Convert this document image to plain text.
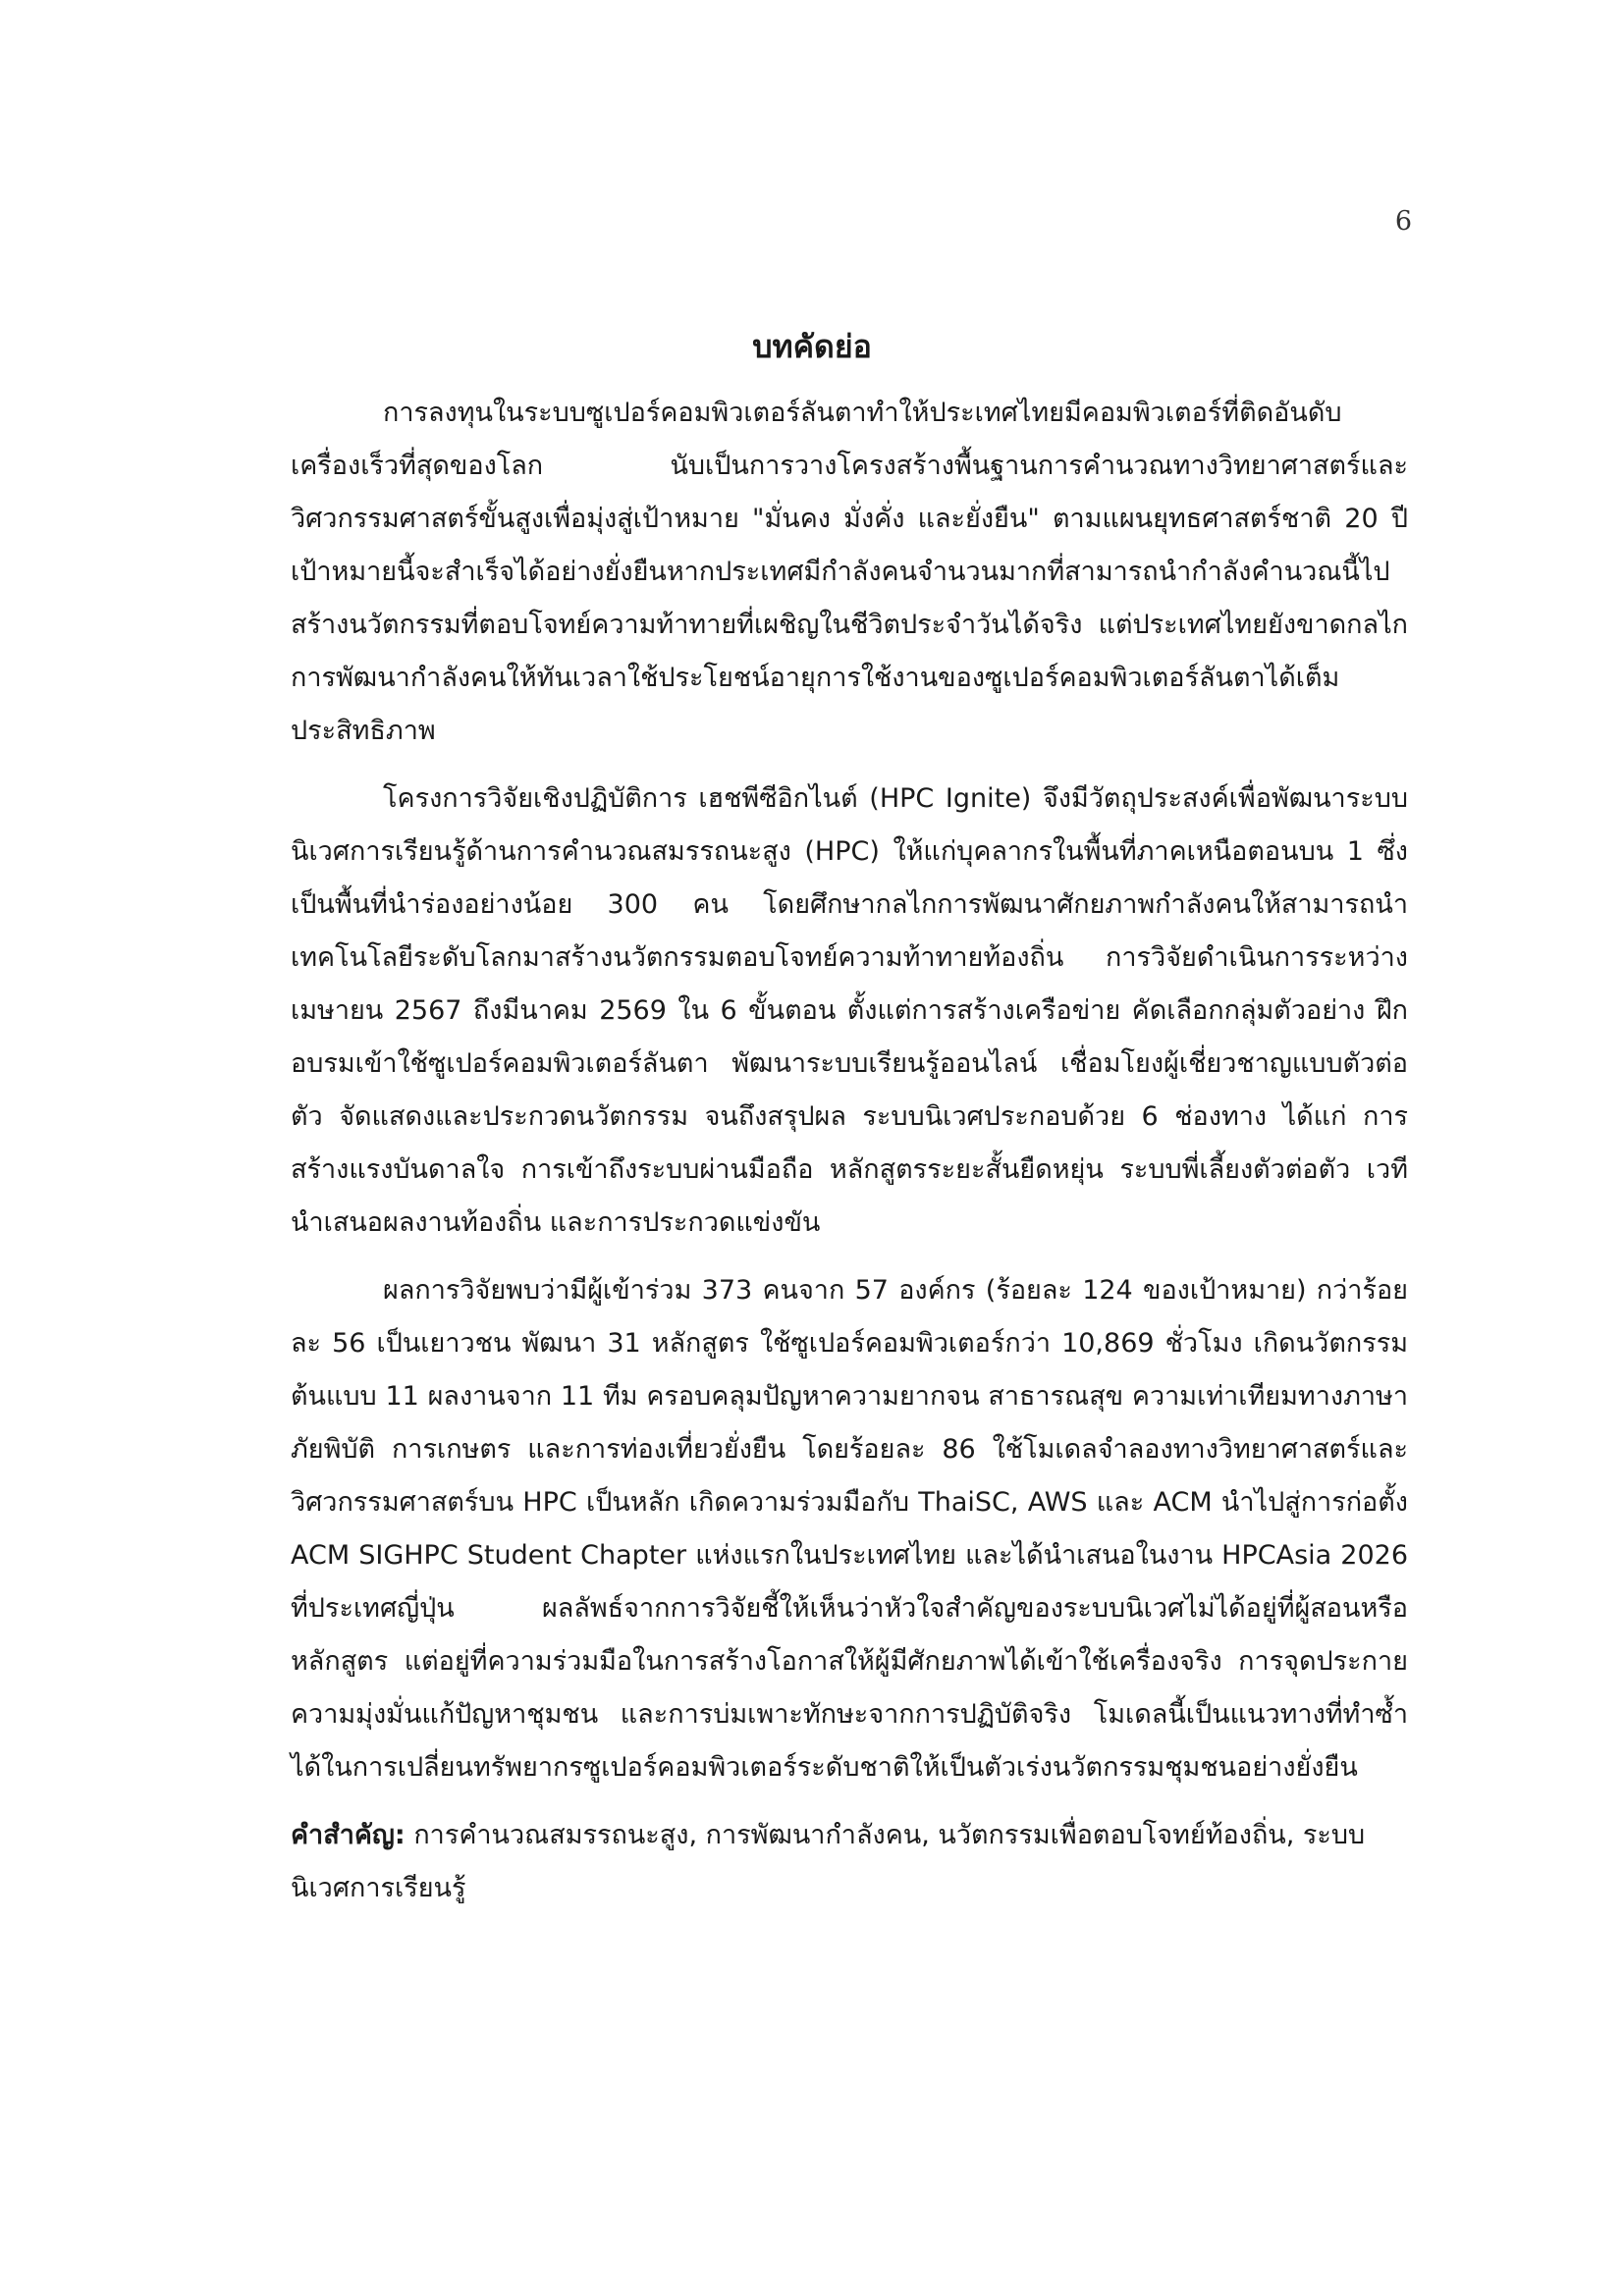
6
บทคัดย่อ

การลงทุนในระบบซูเปอร์คอมพิวเตอร์ลันตาทำให้ประเทศไทยมีคอมพิวเตอร์ที่ติดอันดับเครื่องเร็วที่สุดของโลก นับเป็นการวางโครงสร้างพื้นฐานการคำนวณทางวิทยาศาสตร์และวิศวกรรมศาสตร์ขั้นสูงเพื่อมุ่งสู่เป้าหมาย "มั่นคง มั่งคั่ง และยั่งยืน" ตามแผนยุทธศาสตร์ชาติ 20 ปี เป้าหมายนี้จะสำเร็จได้อย่างยั่งยืนหากประเทศมีกำลังคนจำนวนมากที่สามารถนำกำลังคำนวณนี้ไปสร้างนวัตกรรมที่ตอบโจทย์ความท้าทายที่เผชิญในชีวิตประจำวันได้จริง แต่ประเทศไทยยังขาดกลไกการพัฒนากำลังคนให้ทันเวลาใช้ประโยชน์อายุการใช้งานของซูเปอร์คอมพิวเตอร์ลันตาได้เต็มประสิทธิภาพ

โครงการวิจัยเชิงปฏิบัติการ เฮชพีซีอิกไนต์ (HPC Ignite) จึงมีวัตถุประสงค์เพื่อพัฒนาระบบนิเวศการเรียนรู้ด้านการคำนวณสมรรถนะสูง (HPC) ให้แก่บุคลากรในพื้นที่ภาคเหนือตอนบน 1 ซึ่งเป็นพื้นที่นำร่องอย่างน้อย 300 คน โดยศึกษากลไกการพัฒนาศักยภาพกำลังคนให้สามารถนำเทคโนโลยีระดับโลกมาสร้างนวัตกรรมตอบโจทย์ความท้าทายท้องถิ่น การวิจัยดำเนินการระหว่างเมษายน 2567 ถึงมีนาคม 2569 ใน 6 ขั้นตอน ตั้งแต่การสร้างเครือข่าย คัดเลือกกลุ่มตัวอย่าง ฝึกอบรมเข้าใช้ซูเปอร์คอมพิวเตอร์ลันตา พัฒนาระบบเรียนรู้ออนไลน์ เชื่อมโยงผู้เชี่ยวชาญแบบตัวต่อตัว จัดแสดงและประกวดนวัตกรรม จนถึงสรุปผล ระบบนิเวศประกอบด้วย 6 ช่องทาง ได้แก่ การสร้างแรงบันดาลใจ การเข้าถึงระบบผ่านมือถือ หลักสูตรระยะสั้นยืดหยุ่น ระบบพี่เลี้ยงตัวต่อตัว เวทีนำเสนอผลงานท้องถิ่น และการประกวดแข่งขัน

ผลการวิจัยพบว่ามีผู้เข้าร่วม 373 คนจาก 57 องค์กร (ร้อยละ 124 ของเป้าหมาย) กว่าร้อยละ 56 เป็นเยาวชน พัฒนา 31 หลักสูตร ใช้ซูเปอร์คอมพิวเตอร์กว่า 10,869 ชั่วโมง เกิดนวัตกรรมต้นแบบ 11 ผลงานจาก 11 ทีม ครอบคลุมปัญหาความยากจน สาธารณสุข ความเท่าเทียมทางภาษา ภัยพิบัติ การเกษตร และการท่องเที่ยวยั่งยืน โดยร้อยละ 86 ใช้โมเดลจำลองทางวิทยาศาสตร์และวิศวกรรมศาสตร์บน HPC เป็นหลัก เกิดความร่วมมือกับ ThaiSC, AWS และ ACM นำไปสู่การก่อตั้ง ACM SIGHPC Student Chapter แห่งแรกในประเทศไทย และได้นำเสนอในงาน HPCAsia 2026 ที่ประเทศญี่ปุ่น ผลลัพธ์จากการวิจัยชี้ให้เห็นว่าหัวใจสำคัญของระบบนิเวศไม่ได้อยู่ที่ผู้สอนหรือหลักสูตร แต่อยู่ที่ความร่วมมือในการสร้างโอกาสให้ผู้มีศักยภาพได้เข้าใช้เครื่องจริง การจุดประกายความมุ่งมั่นแก้ปัญหาชุมชน และการบ่มเพาะทักษะจากการปฏิบัติจริง โมเดลนี้เป็นแนวทางที่ทำซ้ำได้ในการเปลี่ยนทรัพยากรซูเปอร์คอมพิวเตอร์ระดับชาติให้เป็นตัวเร่งนวัตกรรมชุมชนอย่างยั่งยืน

คำสำคัญ: การคำนวณสมรรถนะสูง, การพัฒนากำลังคน, นวัตกรรมเพื่อตอบโจทย์ท้องถิ่น, ระบบนิเวศการเรียนรู้
